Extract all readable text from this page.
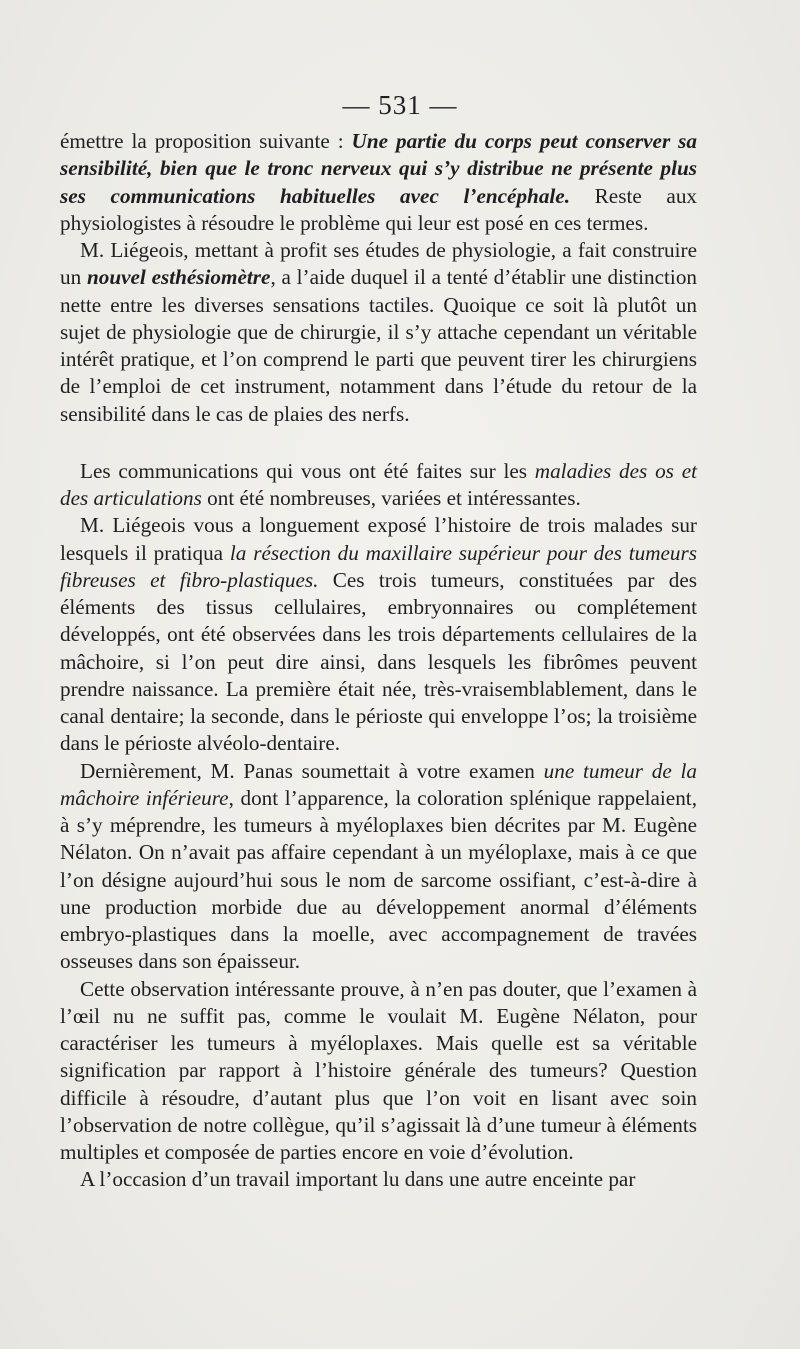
— 531 —

émettre la proposition suivante : Une partie du corps peut conserver sa sensibilité, bien que le tronc nerveux qui s’y distribue ne présente plus ses communications habituelles avec l’encéphale. Reste aux physiologistes à résoudre le problème qui leur est posé en ces termes.

M. Liégeois, mettant à profit ses études de physiologie, a fait construire un nouvel esthésiomètre, a l’aide duquel il a tenté d’établir une distinction nette entre les diverses sensations tactiles. Quoique ce soit là plutôt un sujet de physiologie que de chirurgie, il s’y attache cependant un véritable intérêt pratique, et l’on comprend le parti que peuvent tirer les chirurgiens de l’emploi de cet instrument, notamment dans l’étude du retour de la sensibilité dans le cas de plaies des nerfs.

Les communications qui vous ont été faites sur les maladies des os et des articulations ont été nombreuses, variées et intéressantes.

M. Liégeois vous a longuement exposé l’histoire de trois malades sur lesquels il pratiqua la résection du maxillaire supérieur pour des tumeurs fibreuses et fibro-plastiques. Ces trois tumeurs, constituées par des éléments des tissus cellulaires, embryonnaires ou complétement développés, ont été observées dans les trois départements cellulaires de la mâchoire, si l’on peut dire ainsi, dans lesquels les fibrômes peuvent prendre naissance. La première était née, très-vraisemblablement, dans le canal dentaire; la seconde, dans le périoste qui enveloppe l’os; la troisième dans le périoste alvéolo-dentaire.

Dernièrement, M. Panas soumettait à votre examen une tumeur de la mâchoire inférieure, dont l’apparence, la coloration splénique rappelaient, à s’y méprendre, les tumeurs à myéloplaxes bien décrites par M. Eugène Nélaton. On n’avait pas affaire cependant à un myéloplaxe, mais à ce que l’on désigne aujourd’hui sous le nom de sarcome ossifiant, c’est-à-dire à une production morbide due au développement anormal d’éléments embryo-plastiques dans la moelle, avec accompagnement de travées osseuses dans son épaisseur.

Cette observation intéressante prouve, à n’en pas douter, que l’examen à l’œil nu ne suffit pas, comme le voulait M. Eugène Nélaton, pour caractériser les tumeurs à myéloplaxes. Mais quelle est sa véritable signification par rapport à l’histoire générale des tumeurs? Question difficile à résoudre, d’autant plus que l’on voit en lisant avec soin l’observation de notre collègue, qu’il s’agissait là d’une tumeur à éléments multiples et composée de parties encore en voie d’évolution.

A l’occasion d’un travail important lu dans une autre enceinte par
